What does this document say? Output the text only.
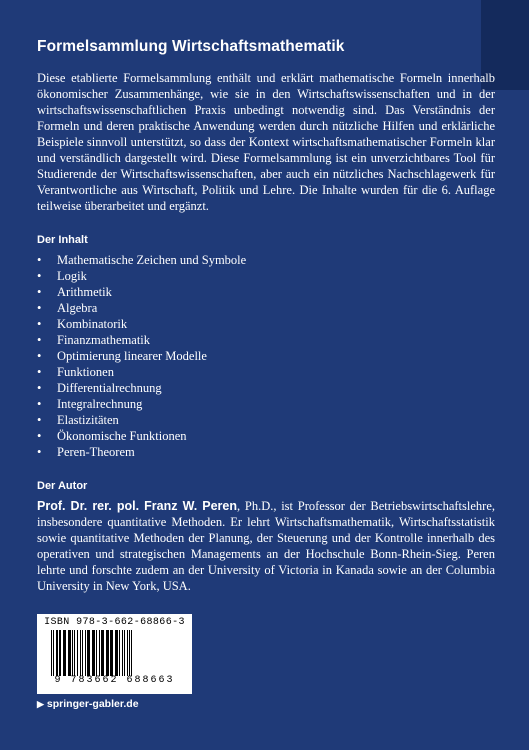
Formelsammlung Wirtschaftsmathematik

Diese etablierte Formelsammlung enthält und erklärt mathematische Formeln innerhalb ökonomischer Zusammenhänge, wie sie in den Wirtschaftswissenschaften und in der wirtschaftswissenschaftlichen Praxis unbedingt notwendig sind. Das Verständnis der Formeln und deren praktische Anwendung werden durch nützliche Hilfen und erklärliche Beispiele sinnvoll unterstützt, so dass der Kontext wirtschaftsmathematischer Formeln klar und verständlich dargestellt wird. Diese Formelsammlung ist ein unverzichtbares Tool für Studierende der Wirtschaftswissenschaften, aber auch ein nützliches Nachschlagewerk für Verantwortliche aus Wirtschaft, Politik und Lehre. Die Inhalte wurden für die 6. Auflage teilweise überarbeitet und ergänzt.

Der Inhalt
• Mathematische Zeichen und Symbole
• Logik
• Arithmetik
• Algebra
• Kombinatorik
• Finanzmathematik
• Optimierung linearer Modelle
• Funktionen
• Differentialrechnung
• Integralrechnung
• Elastizitäten
• Ökonomische Funktionen
• Peren-Theorem
Der Autor

Prof. Dr. rer. pol. Franz W. Peren, Ph.D., ist Professor der Betriebswirtschaftslehre, insbesondere quantitative Methoden. Er lehrt Wirtschaftsmathematik, Wirtschaftsstatistik sowie quantitative Methoden der Planung, der Steuerung und der Kontrolle innerhalb des operativen und strategischen Managements an der Hochschule Bonn-Rhein-Sieg. Peren lehrte und forschte zudem an der University of Victoria in Kanada sowie an der Columbia University in New York, USA.

ISBN 978-3-662-68866-3
9 783662 688663
▶ springer-gabler.de
